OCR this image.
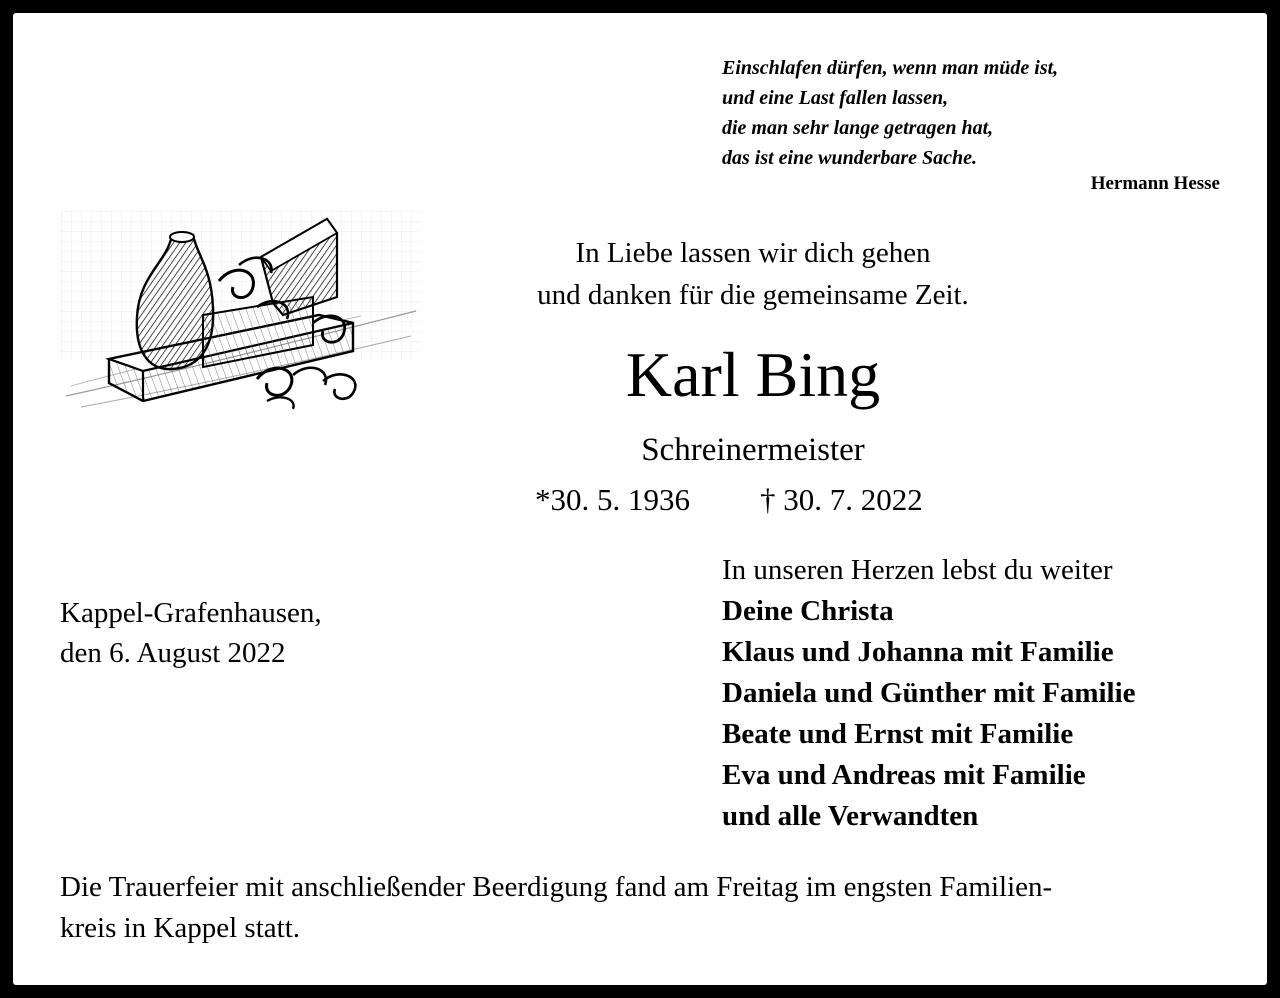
Einschlafen dürfen, wenn man müde ist,
und eine Last fallen lassen,
die man sehr lange getragen hat,
das ist eine wunderbare Sache.
Hermann Hesse
In Liebe lassen wir dich gehen
und danken für die gemeinsame Zeit.
Karl Bing
Schreinermeister
*30. 5. 1936 † 30. 7. 2022
Kappel-Grafenhausen,
den 6. August 2022
In unseren Herzen lebst du weiter
Deine Christa
Klaus und Johanna mit Familie
Daniela und Günther mit Familie
Beate und Ernst mit Familie
Eva und Andreas mit Familie
und alle Verwandten
Die Trauerfeier mit anschließender Beerdigung fand am Freitag im engsten Familien-
kreis in Kappel statt.
